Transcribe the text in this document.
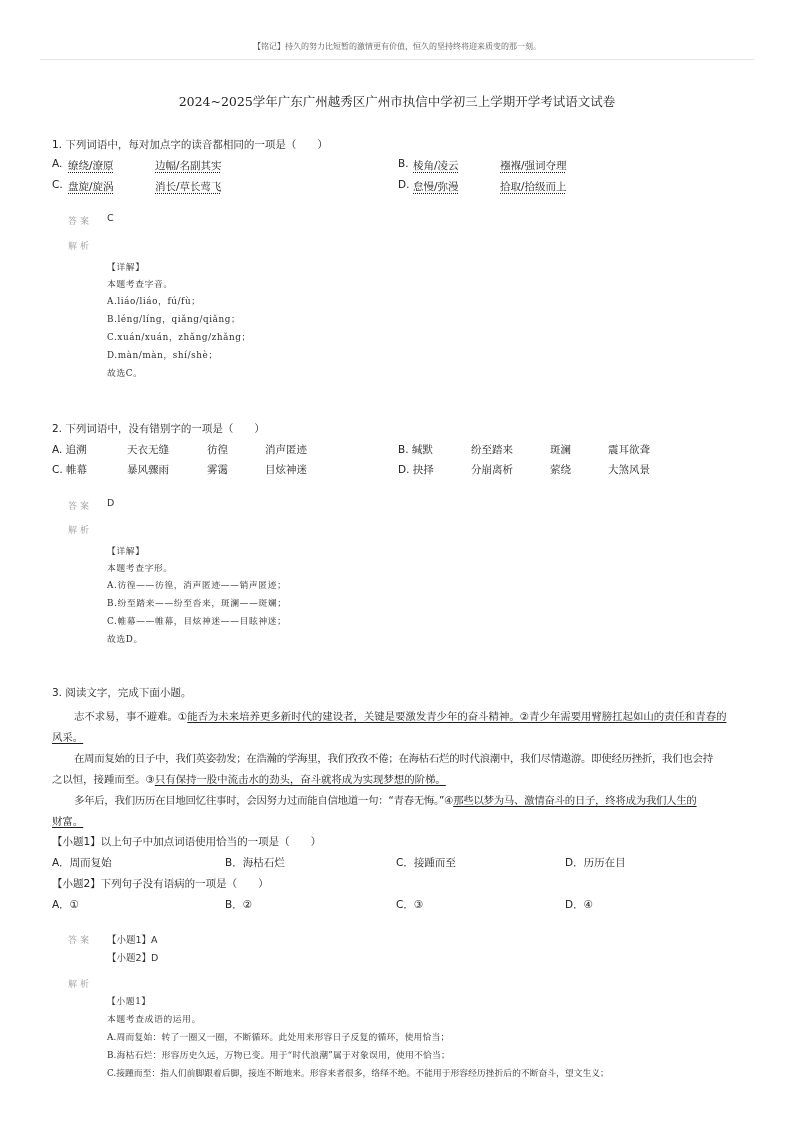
【铭记】持久的努力比短暂的激情更有价值，恒久的坚持终将迎来质变的那一刻。
2024~2025学年广东广州越秀区广州市执信中学初三上学期开学考试语文试卷
1. 下列词语中，每对加点字的读音都相同的一项是（　　）
A. 缭绕/潦原	边幅/名副其实	B. 棱角/凌云	襁褓/强词夺理
C. 盘旋/旋涡	消长/草长莺飞	D. 怠慢/弥漫	拾取/拾级而上
答案 C
解析
【详解】
本题考查字音。
A.liáo/liáo，fú/fù；
B.léng/líng，qiǎng/qiǎng；
C.xuán/xuán，zhǎng/zhǎng；
D.màn/màn，shí/shè；
故选C。
2. 下列词语中，没有错别字的一项是（　　）
A. 追溯	天衣无缝	彷徨	消声匿迹	B. 缄默	纷至踏来	斑澜	震耳欲聋
C. 帷幕	暴风骤雨	雾霭	目炫神迷	D. 抉择	分崩离析	萦绕	大煞风景
答案 D
解析
【详解】
本题考查字形。
A.彷徨——彷徨，消声匿迹——销声匿迹；
B.纷至踏来——纷至沓来，斑澜——斑斓；
C.帷幕——帷幕，目炫神迷——目眩神迷；
故选D。
3. 阅读文字，完成下面小题。
志不求易，事不避难。①能否为未来培养更多新时代的建设者，关键是要激发青少年的奋斗精神。②青少年需要用臂膀扛起如山的责任和青春的
风采。
在周而复始的日子中，我们英姿勃发；在浩瀚的学海里，我们孜孜不倦；在海枯石烂的时代浪潮中，我们尽情遨游。即使经历挫折，我们也会持
之以恒，接踵而至。③只有保持一股中流击水的劲头，奋斗就将成为实现梦想的阶梯。
多年后，我们历历在目地回忆往事时，会因努力过而能自信地道一句：“青春无悔。”④那些以梦为马、激情奋斗的日子，终将成为我们人生的
财富。
【小题1】以上句子中加点词语使用恰当的一项是（　　）
A．周而复始	B．海枯石烂	C．接踵而至	D．历历在目
【小题2】下列句子没有语病的一项是（　　）
A．①	B．②	C．③	D．④
答案 【小题1】A
【小题2】D
解析
【小题1】
本题考查成语的运用。
A.周而复始：转了一圈又一圈，不断循环。此处用来形容日子反复的循环，使用恰当；
B.海枯石烂：形容历史久远，万物已变。用于“时代浪潮”属于对象误用，使用不恰当；
C.接踵而至：指人们前脚跟着后脚，接连不断地来。形容来者很多，络绎不绝。不能用于形容经历挫折后的不断奋斗，望文生义；
